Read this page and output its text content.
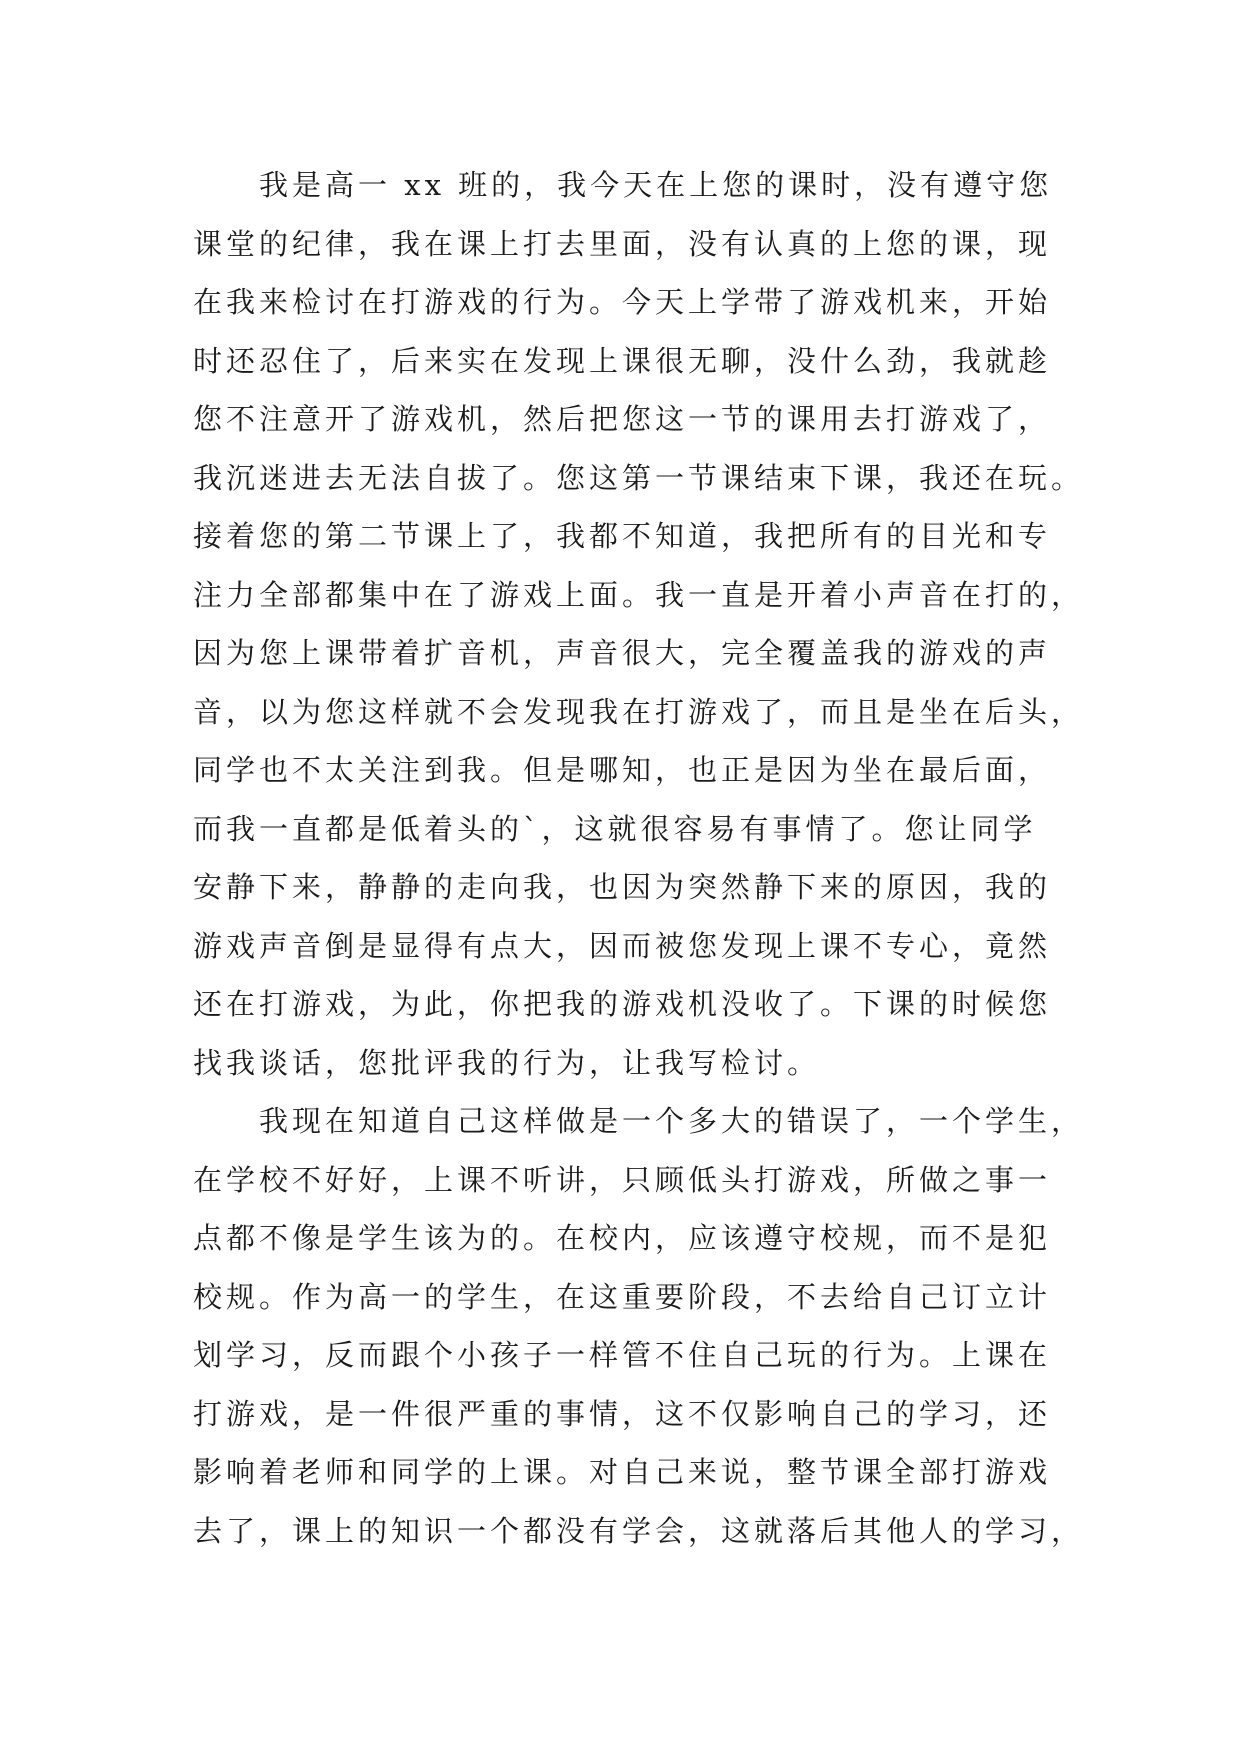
我是高一 xx 班的，我今天在上您的课时，没有遵守您
课堂的纪律，我在课上打去里面，没有认真的上您的课，现
在我来检讨在打游戏的行为。今天上学带了游戏机来，开始
时还忍住了，后来实在发现上课很无聊，没什么劲，我就趁
您不注意开了游戏机，然后把您这一节的课用去打游戏了，
我沉迷进去无法自拔了。您这第一节课结束下课，我还在玩。
接着您的第二节课上了，我都不知道，我把所有的目光和专
注力全部都集中在了游戏上面。我一直是开着小声音在打的，
因为您上课带着扩音机，声音很大，完全覆盖我的游戏的声
音，以为您这样就不会发现我在打游戏了，而且是坐在后头，
同学也不太关注到我。但是哪知，也正是因为坐在最后面，
而我一直都是低着头的`，这就很容易有事情了。您让同学
安静下来，静静的走向我，也因为突然静下来的原因，我的
游戏声音倒是显得有点大，因而被您发现上课不专心，竟然
还在打游戏，为此，你把我的游戏机没收了。下课的时候您
找我谈话，您批评我的行为，让我写检讨。
我现在知道自己这样做是一个多大的错误了，一个学生，
在学校不好好，上课不听讲，只顾低头打游戏，所做之事一
点都不像是学生该为的。在校内，应该遵守校规，而不是犯
校规。作为高一的学生，在这重要阶段，不去给自己订立计
划学习，反而跟个小孩子一样管不住自己玩的行为。上课在
打游戏，是一件很严重的事情，这不仅影响自己的学习，还
影响着老师和同学的上课。对自己来说，整节课全部打游戏
去了，课上的知识一个都没有学会，这就落后其他人的学习，
